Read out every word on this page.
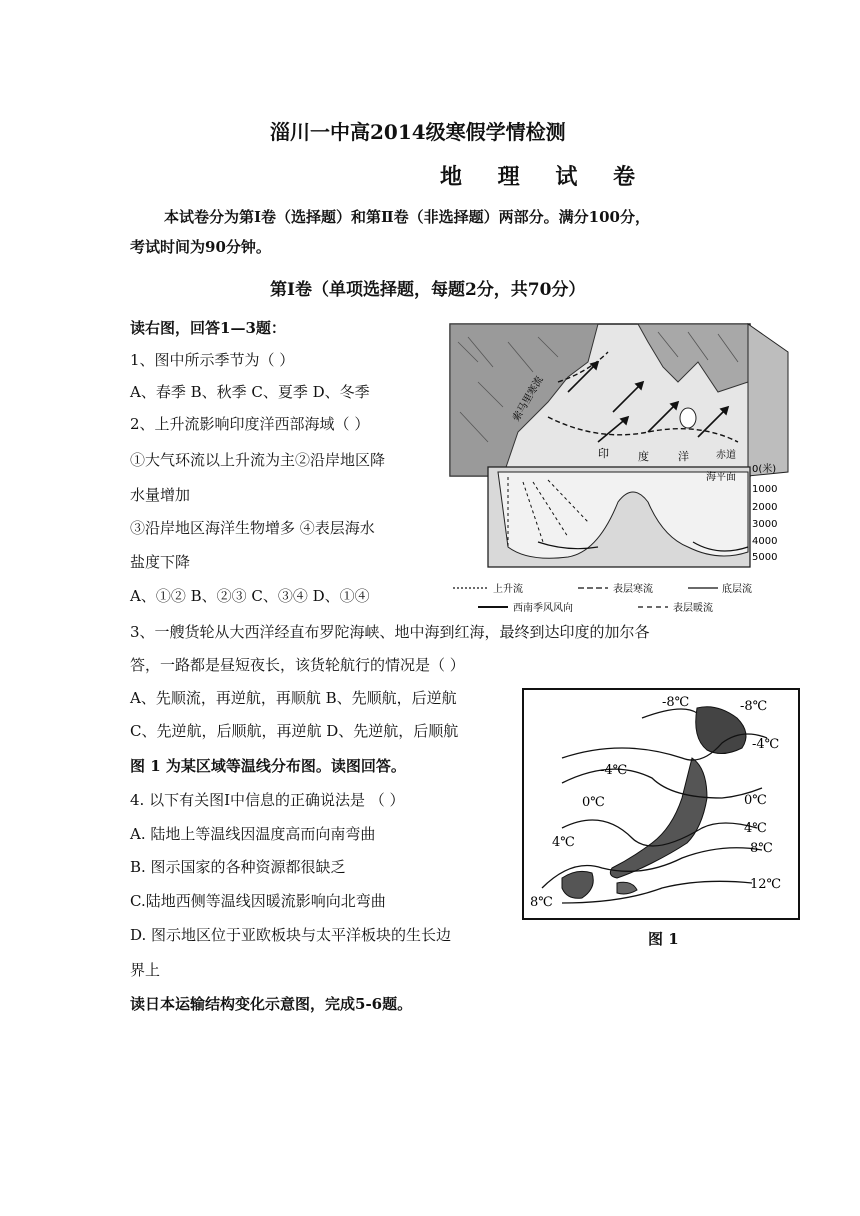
淄川一中高2014级寒假学情检测
地 理 试 卷
本试卷分为第Ⅰ卷（选择题）和第Ⅱ卷（非选择题）两部分。满分100分，
考试时间为90分钟。
第Ⅰ卷（单项选择题，每题2分，共70分）
读右图，回答1—3题：
1、图中所示季节为（ ）
A、春季 B、秋季 C、夏季 D、冬季
2、上升流影响印度洋西部海域（ ）
①大气环流以上升流为主②沿岸地区降
水量增加
③沿岸地区海洋生物增多 ④表层海水
盐度下降
A、①② B、②③ C、③④ D、①④
3、一艘货轮从大西洋经直布罗陀海峡、地中海到红海，最终到达印度的加尔各
答，一路都是昼短夜长，该货轮航行的情况是（ ）
A、先顺流，再逆航，再顺航 B、先顺航，后逆航
C、先逆航，后顺航，再逆航 D、先逆航，后顺航
图 1 为某区域等温线分布图。读图回答。
4. 以下有关图Ⅰ中信息的正确说法是 （ ）
A. 陆地上等温线因温度高而向南弯曲
B. 图示国家的各种资源都很缺乏
C.陆地西侧等温线因暖流影响向北弯曲
D. 图示地区位于亚欧板块与太平洋板块的生长边
界上
读日本运输结构变化示意图，完成5-6题。
索马里寒流
印	度	洋	赤道
海平面
0(米)
1000
2000
3000
4000
5000
上升流	表层寒流	底层流
西南季风风向	表层暖流
-8℃	-8℃
-4℃
-4℃
0℃	0℃
4℃
4℃
8℃
8℃
12℃
图 1
